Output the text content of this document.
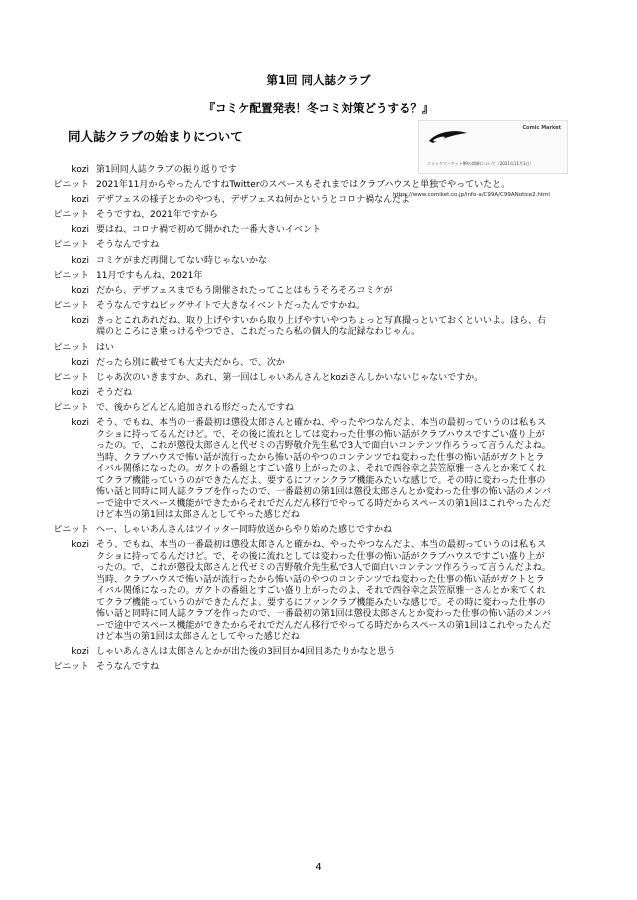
第1回 同人誌クラブ
『コミケ配置発表！冬コミ対策どうする？』
同人誌クラブの始まりについて
Comic Market
コミックマーケット99の開催について（2021年11月1日）
https://www.comiket.co.jp/info-a/C99A/C99ANotice2.html
kozi 第1回同人誌クラブの振り返りです
ピニット 2021年11月からやったんですねTwitterのスペースもそれまではクラブハウスと単独でやっていたと。
kozi デザフェスの様子とかのやつも、デザフェスね何かというとコロナ禍なんだよ
ピニット そうですね、2021年ですから
kozi 要はね、コロナ禍で初めて開かれた一番大きいイベント
ピニット そうなんですね
kozi コミケがまだ再開してない時じゃないかな
ピニット 11月ですもんね、2021年
kozi だから、デザフェスまでもう開催されたってことはもうそろそろコミケが
ピニット そうなんですねビッグサイトで大きなイベントだったんですかね。
kozi きっとこれあれだね、取り上げやすいから取り上げやすいやつちょっと写真撮っといておくといいよ。ほら、右端のところにさ乗っけるやつでさ、これだったら私の個人的な記録なわじゃん。
ピニット はい
kozi だったら別に載せても大丈夫だから、で、次か
ピニット じゃあ次のいきますか、あれ、第一回はしゃいあんさんとkoziさんしかいないじゃないですか。
kozi そうだね
ピニット で、後からどんどん追加される形だったんですね
kozi そう、でもね、本当の一番最初は懲役太郎さんと確かね、やったやつなんだよ、本当の最初っていうのは私もスクショに持ってるんだけど。で、その後に流れとしては変わった仕事の怖い話がクラブハウスですごい盛り上がったの。で、これが懲役太郎さんと代ゼミの吉野敬介先生私で3人で面白いコンテンツ作ろうって言うんだよね。当時、クラブハウスで怖い話が流行ったから怖い話のやつのコンテンツでね変わった仕事の怖い話がガクトとライバル関係になったの。ガクトの番組とすごい盛り上がったのよ、それで西谷幸之芸笠原雅一さんとか来てくれてクラブ機能っていうのができたんだよ、要するにファンクラブ機能みたいな感じで。その時に変わった仕事の怖い話と同時に同人誌クラブを作ったので、一番最初の第1回は懲役太郎さんとか変わった仕事の怖い話のメンバーで途中でスペース機能ができたからそれでだんだん移行でやってる時だからスペースの第1回はこれやったんだけど本当の第1回は太郎さんとしてやった感じだね
ピニット へー、しゃいあんさんはツイッター同時放送からやり始めた感じですかね
kozi そう、でもね、本当の一番最初は懲役太郎さんと確かね、やったやつなんだよ、本当の最初っていうのは私もスクショに持ってるんだけど。で、その後に流れとしては変わった仕事の怖い話がクラブハウスですごい盛り上がったの。で、これが懲役太郎さんと代ゼミの吉野敬介先生私で3人で面白いコンテンツ作ろうって言うんだよね。当時、クラブハウスで怖い話が流行ったから怖い話のやつのコンテンツでね変わった仕事の怖い話がガクトとライバル関係になったの。ガクトの番組とすごい盛り上がったのよ、それで西谷幸之芸笠原雅一さんとか来てくれてクラブ機能っていうのができたんだよ、要するにファンクラブ機能みたいな感じで。その時に変わった仕事の怖い話と同時に同人誌クラブを作ったので、一番最初の第1回は懲役太郎さんとか変わった仕事の怖い話のメンバーで途中でスペース機能ができたからそれでだんだん移行でやってる時だからスペースの第1回はこれやったんだけど本当の第1回は太郎さんとしてやった感じだね
kozi しゃいあんさんは太郎さんとかが出た後の3回目か4回目あたりかなと思う
ピニット そうなんですね
4
